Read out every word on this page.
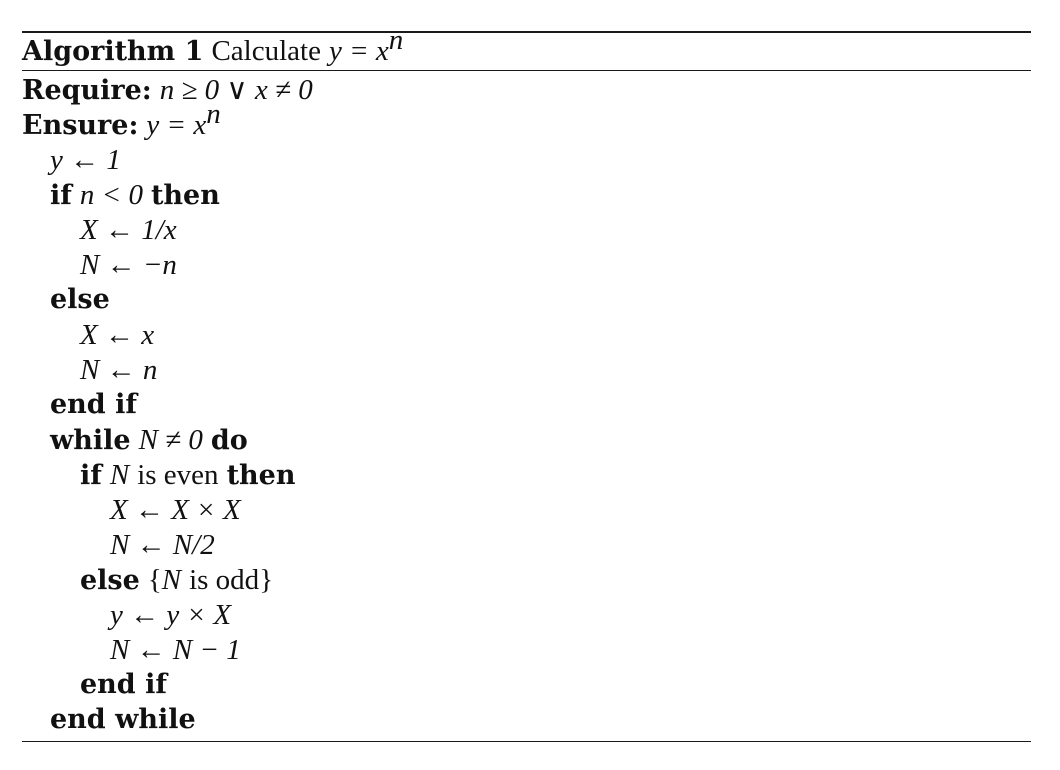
Algorithm 1 Calculate $y = x^n$
Require: n ≥ 0 ∨ x ≠ 0
Ensure: $y = x^n$
y ← 1
if n < 0 then
X ← 1/x
N ← −n
else
X ← x
N ← n
end if
while N ≠ 0 do
if N is even then
X ← X × X
N ← N/2
else {N is odd}
y ← y × X
N ← N − 1
end if
end while
